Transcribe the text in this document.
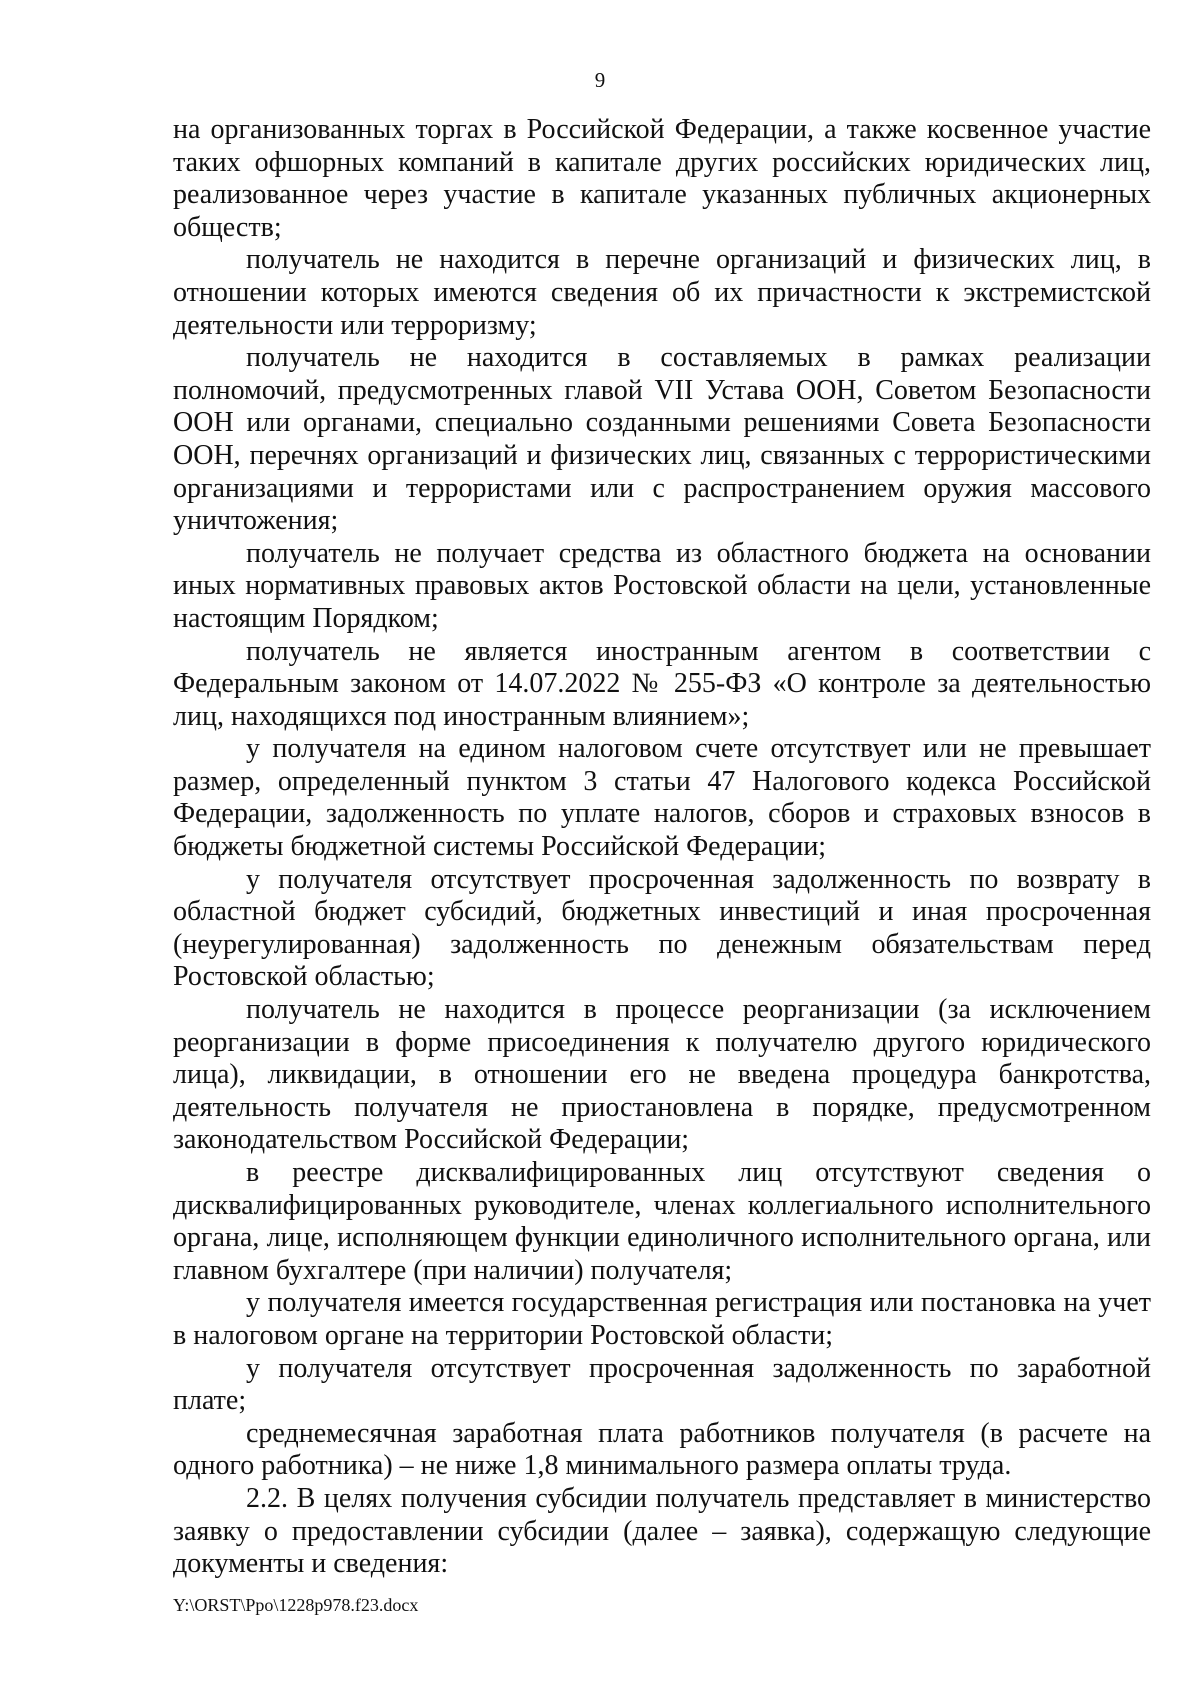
9

на организованных торгах в Российской Федерации, а также косвенное участие таких офшорных компаний в капитале других российских юридических лиц, реализованное через участие в капитале указанных публичных акционерных обществ;

получатель не находится в перечне организаций и физических лиц, в отношении которых имеются сведения об их причастности к экстремистской деятельности или терроризму;

получатель не находится в составляемых в рамках реализации полномочий, предусмотренных главой VII Устава ООН, Советом Безопасности ООН или органами, специально созданными решениями Совета Безопасности ООН, перечнях организаций и физических лиц, связанных с террористическими организациями и террористами или с распространением оружия массового уничтожения;

получатель не получает средства из областного бюджета на основании иных нормативных правовых актов Ростовской области на цели, установленные настоящим Порядком;

получатель не является иностранным агентом в соответствии с Федеральным законом от 14.07.2022 № 255-ФЗ «О контроле за деятельностью лиц, находящихся под иностранным влиянием»;

у получателя на едином налоговом счете отсутствует или не превышает размер, определенный пунктом 3 статьи 47 Налогового кодекса Российской Федерации, задолженность по уплате налогов, сборов и страховых взносов в бюджеты бюджетной системы Российской Федерации;

у получателя отсутствует просроченная задолженность по возврату в областной бюджет субсидий, бюджетных инвестиций и иная просроченная (неурегулированная) задолженность по денежным обязательствам перед Ростовской областью;

получатель не находится в процессе реорганизации (за исключением реорганизации в форме присоединения к получателю другого юридического лица), ликвидации, в отношении его не введена процедура банкротства, деятельность получателя не приостановлена в порядке, предусмотренном законодательством Российской Федерации;

в реестре дисквалифицированных лиц отсутствуют сведения о дисквалифицированных руководителе, членах коллегиального исполнительного органа, лице, исполняющем функции единоличного исполнительного органа, или главном бухгалтере (при наличии) получателя;

у получателя имеется государственная регистрация или постановка на учет в налоговом органе на территории Ростовской области;

у получателя отсутствует просроченная задолженность по заработной плате;

среднемесячная заработная плата работников получателя (в расчете на одного работника) – не ниже 1,8 минимального размера оплаты труда.

2.2. В целях получения субсидии получатель представляет в министерство заявку о предоставлении субсидии (далее – заявка), содержащую следующие документы и сведения:

Y:\ORST\Ppo\1228p978.f23.docx
